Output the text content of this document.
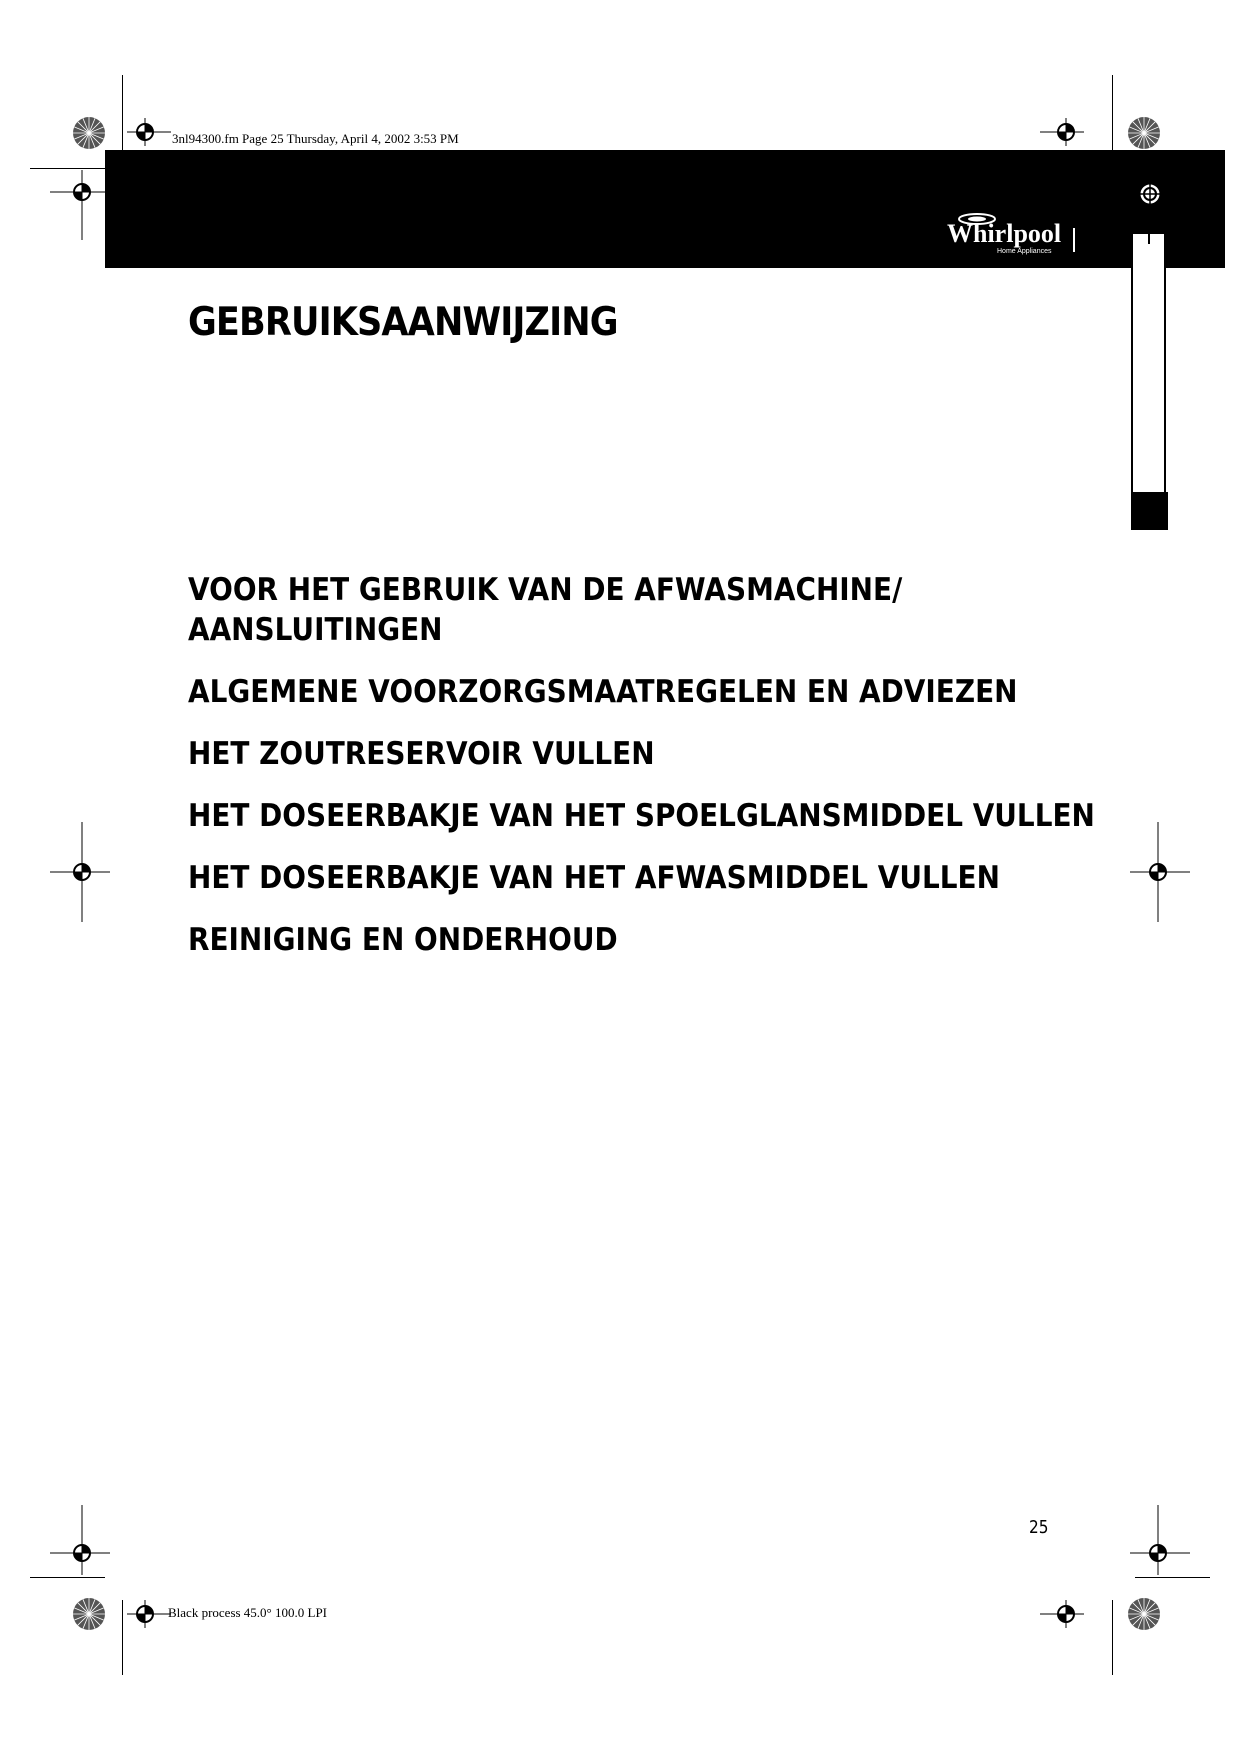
3nl94300.fm Page 25 Thursday, April 4, 2002 3:53 PM
Black process 45.0° 100.0 LPI
Whirlpool
Home Appliances
GEBRUIKSAANWIJZING
VOOR HET GEBRUIK VAN DE AFWASMACHINE/ AANSLUITINGEN
ALGEMENE VOORZORGSMAATREGELEN EN ADVIEZEN
HET ZOUTRESERVOIR VULLEN
HET DOSEERBAKJE VAN HET SPOELGLANSMIDDEL VULLEN
HET DOSEERBAKJE VAN HET AFWASMIDDEL VULLEN
REINIGING EN ONDERHOUD
25
